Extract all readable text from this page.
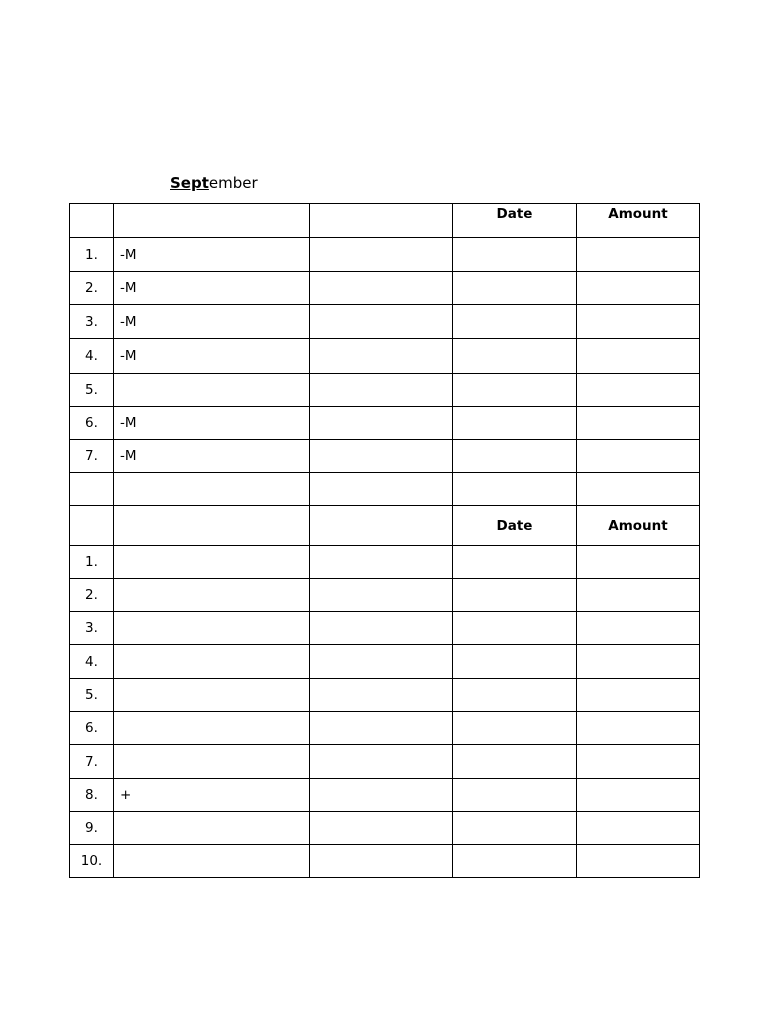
September
			Date	Amount
1.	-M			
2.	-M			
3.	-M			
4.	-M			
5.				
6.	-M			
7.	-M			

			Date	Amount
1.				
2.				
3.				
4.				
5.				
6.				
7.				
8.	+			
9.				
10.				
